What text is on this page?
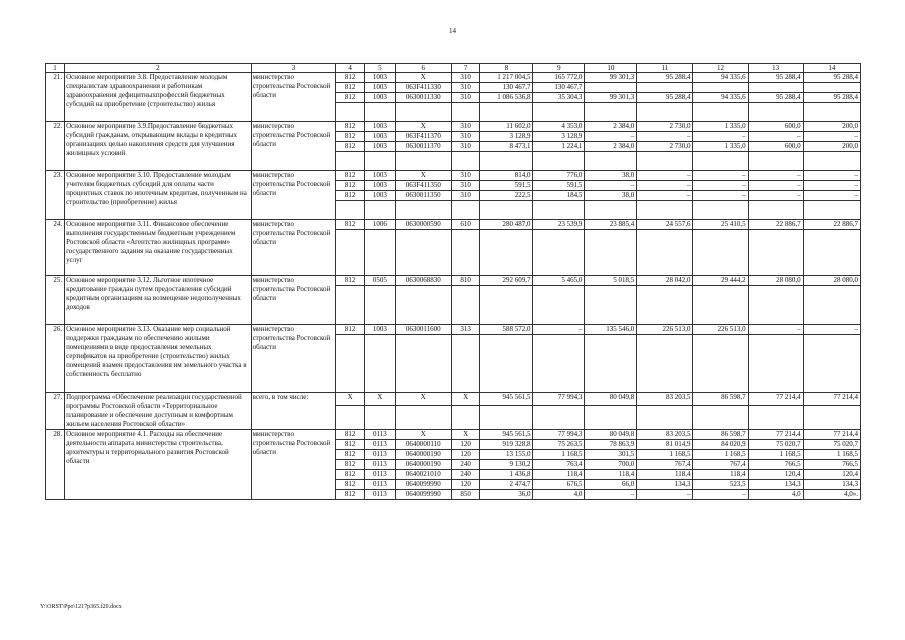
14
1	2	3	4	5	6	7	8	9	10	11	12	13	14
21.	Основное мероприятие 3.8. Предоставление молодым специалистам здравоохранения и работникам здравоохранения дефицитныхпрофессий бюджетных субсидий на приобретение (строительство) жилья	министерство строительства Ростовской области	812	1003	X	310	1 217 004,5	165 772,0	99 301,3	95 288,4	94 335,6	95 288,4	95 288,4
			812	1003	063F411330	310	130 467,7	130 467,7					
			812	1003	0630011330	310	1 086 536,8	35 304,3	99 301,3	95 288,4	94 335,6	95 288,4	95 288,4

22.	Основное мероприятие 3.9.Предоставление бюджетных субсидий гражданам, открывающим вклады в кредитных организациях целью накопления средств для улучшения жилищных условий	министерство строительства Ростовской области	812	1003	X	310	11 602,0	4 353,0	2 384,0	2 730,0	1 335,0	600,0	200,0
			812	1003	063F411370	310	3 128,9	3 128,9	–	–	–	–	–
			812	1003	0630011370	310	8 473,1	1 224,1	2 384,0	2 730,0	1 335,0	600,0	200,0

23.	Основное мероприятие 3.10. Предоставление молодым учителям бюджетных субсидий для оплаты части процентных ставок по ипотечным кредитам, полученным на строительство (приобретение) жилья	министерство строительства Ростовской области	812	1003	X	310	814,0	776,0	38,0	–	–	–	–
			812	1003	063F411350	310	591,5	591,5	–	–	–	–	–
			812	1003	0630011350	310	222,5	184,5	38,0	–	–	–	–

24.	Основное мероприятие 3.11. Финансовое обеспечение выполнения государственным бюджетным учреждением Ростовской области «Агентство жилищных программ» государственного задания на оказание государственных услуг	министерство строительства Ростовской области	812	1006	0630000590	610	280 487,0	23 539,9	23 885,4	24 557,6	25 410,5	22 886,7	22 886,7

25.	Основное мероприятие 3.12. Льготное ипотечное кредитование граждан путем предоставления субсидий кредитным организациям на возмещение недополученных доходов	министерство строительства Ростовской области	812	0505	0630068830	810	292 609,7	5 465,0	5 018,5	28 042,0	29 444,2	28 080,0	28 080,0

26.	Основное мероприятие 3.13. Оказание мер социальной поддержки гражданам по обеспечению жилыми помещениями в виде предоставления земельных сертификатов на приобретение (строительство) жилых помещений взамен предоставления им земельного участка в собственность бесплатно	министерство строительства Ростовской области	812	1003	0630011600	313	588 572,0	–	135 546,0	226 513,0	226 513,0	–	–

27.	Подпрограмма «Обеспечение реализации государственной программы Ростовской области «Территориальное планирование и обеспечение доступным и комфортным жильем населения Ростовской области»	всего, в том числе:	X	X	X	X	945 561,5	77 994,3	80 049,8	83 203,5	86 598,7	77 214,4	77 214,4

28.	Основное мероприятие 4.1. Расходы на обеспечение деятельности аппарата министерства строительства, архитектуры и территориального развития Ростовской области	министерство строительства Ростовской области	812	0113	X	X	945 561,5	77 994,3	80 049,8	83 203,5	86 598,7	77 214,4	77 214,4
			812	0113	0640000110	120	919 328,8	75 263,5	78 863,9	81 014,9	84 020,9	75 020,7	75 020,7
			812	0113	0640000190	120	13 155,0	1 168,5	301,5	1 168,5	1 168,5	1 168,5	1 168,5
			812	0113	0640000190	240	9 130,2	763,4	700,0	767,4	767,4	766,5	766,5
			812	0113	0640021010	240	1 436,8	118,4	118,4	118,4	118,4	120,4	120,4
			812	0113	0640099990	120	2 474,7	676,5	66,0	134,3	523,5	134,3	134,3
			812	0113	0640099990	850	36,0	4,0	–	–	–	4,0	4,0».
Y:\ORST\Ppo\1217p365.f20.docx
